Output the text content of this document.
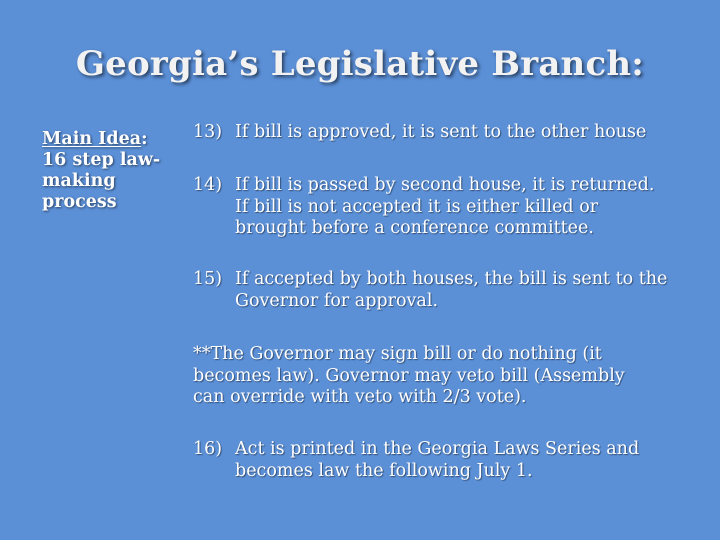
Georgia’s Legislative Branch:
Main Idea:
16 step law-
making
process
13) If bill is approved, it is sent to the other house
14) If bill is passed by second house, it is returned.
If bill is not accepted it is either killed or
brought before a conference committee.
15) If accepted by both houses, the bill is sent to the
Governor for approval.
**The Governor may sign bill or do nothing (it
becomes law). Governor may veto bill (Assembly
can override with veto with 2/3 vote).
16) Act is printed in the Georgia Laws Series and
becomes law the following July 1.
